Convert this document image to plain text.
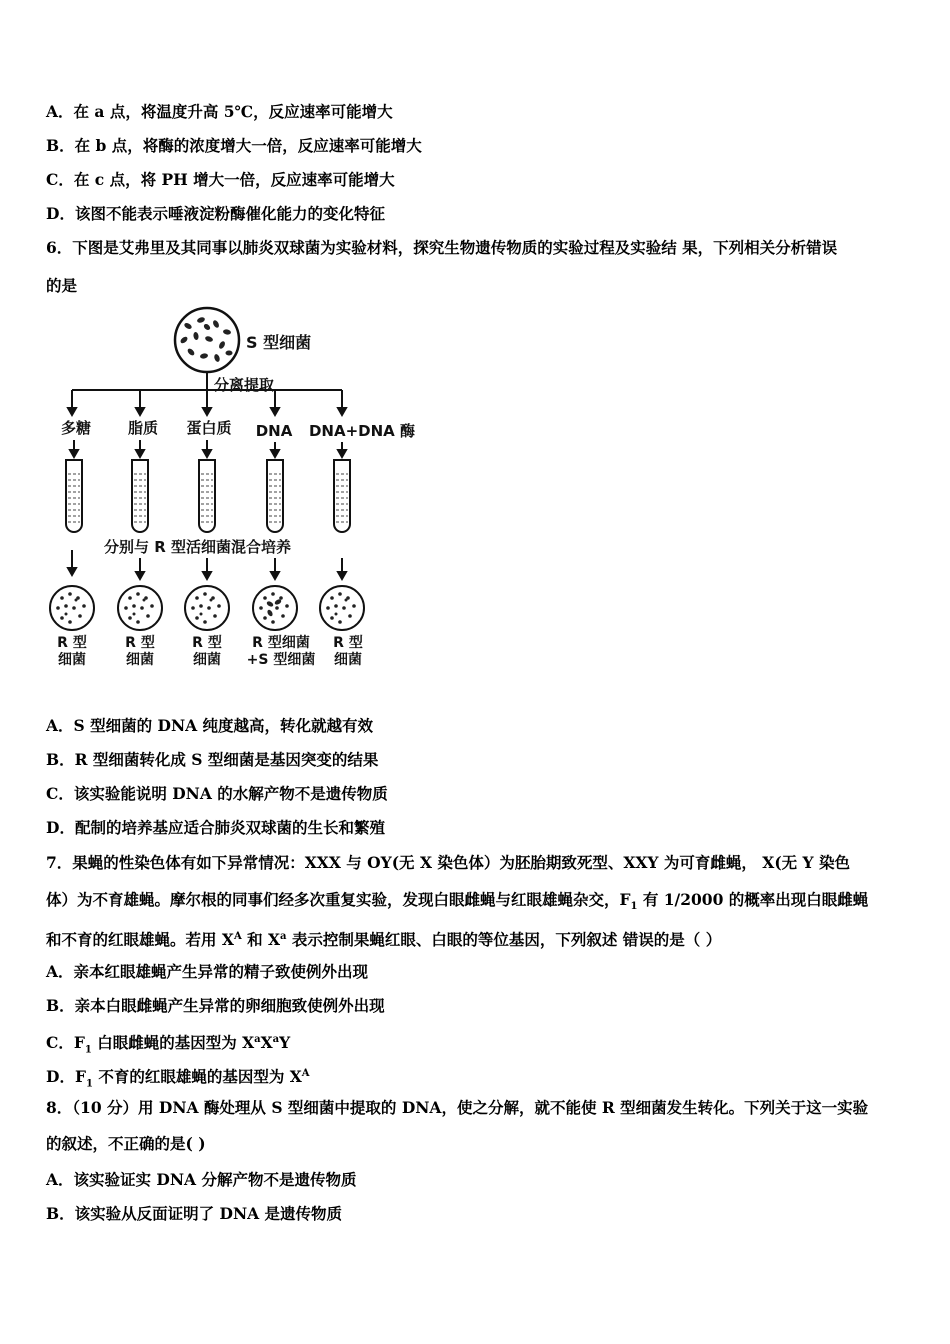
A．在 a 点，将温度升高 5℃，反应速率可能增大
B．在 b 点，将酶的浓度增大一倍，反应速率可能增大
C．在 c 点，将 PH 增大一倍，反应速率可能增大
D．该图不能表示唾液淀粉酶催化能力的变化特征
6．下图是艾弗里及其同事以肺炎双球菌为实验材料，探究生物遗传物质的实验过程及实验结 果，下列相关分析错误
的是
S 型细菌
分离提取
多糖 脂质 蛋白质 DNA DNA+DNA 酶
分别与 R 型活细菌混合培养
R 型
细菌
R 型
细菌
R 型
细菌
R 型细菌
+S 型细菌
R 型
细菌
A．S 型细菌的 DNA 纯度越高，转化就越有效
B．R 型细菌转化成 S 型细菌是基因突变的结果
C．该实验能说明 DNA 的水解产物不是遗传物质
D．配制的培养基应适合肺炎双球菌的生长和繁殖
7．果蝇的性染色体有如下异常情况：XXX 与 OY(无 X 染色体）为胚胎期致死型、XXY 为可育雌蝇， X(无 Y 染色
体）为不育雄蝇。摩尔根的同事们经多次重复实验，发现白眼雌蝇与红眼雄蝇杂交，$F_1$ 有 1/2000 的概率出现白眼雌蝇
和不育的红眼雄蝇。若用 $X^A$ 和 $X^a$ 表示控制果蝇红眼、白眼的等位基因，下列叙述 错误的是（ ）
A．亲本红眼雄蝇产生异常的精子致使例外出现
B．亲本白眼雌蝇产生异常的卵细胞致使例外出现
C．$F_1$ 白眼雌蝇的基因型为 $X^aX^aY$
D．$F_1$ 不育的红眼雄蝇的基因型为 $X^A$
8．（10 分）用 DNA 酶处理从 S 型细菌中提取的 DNA，使之分解，就不能使 R 型细菌发生转化。下列关于这一实验
的叙述，不正确的是( )
A．该实验证实 DNA 分解产物不是遗传物质
B．该实验从反面证明了 DNA 是遗传物质
